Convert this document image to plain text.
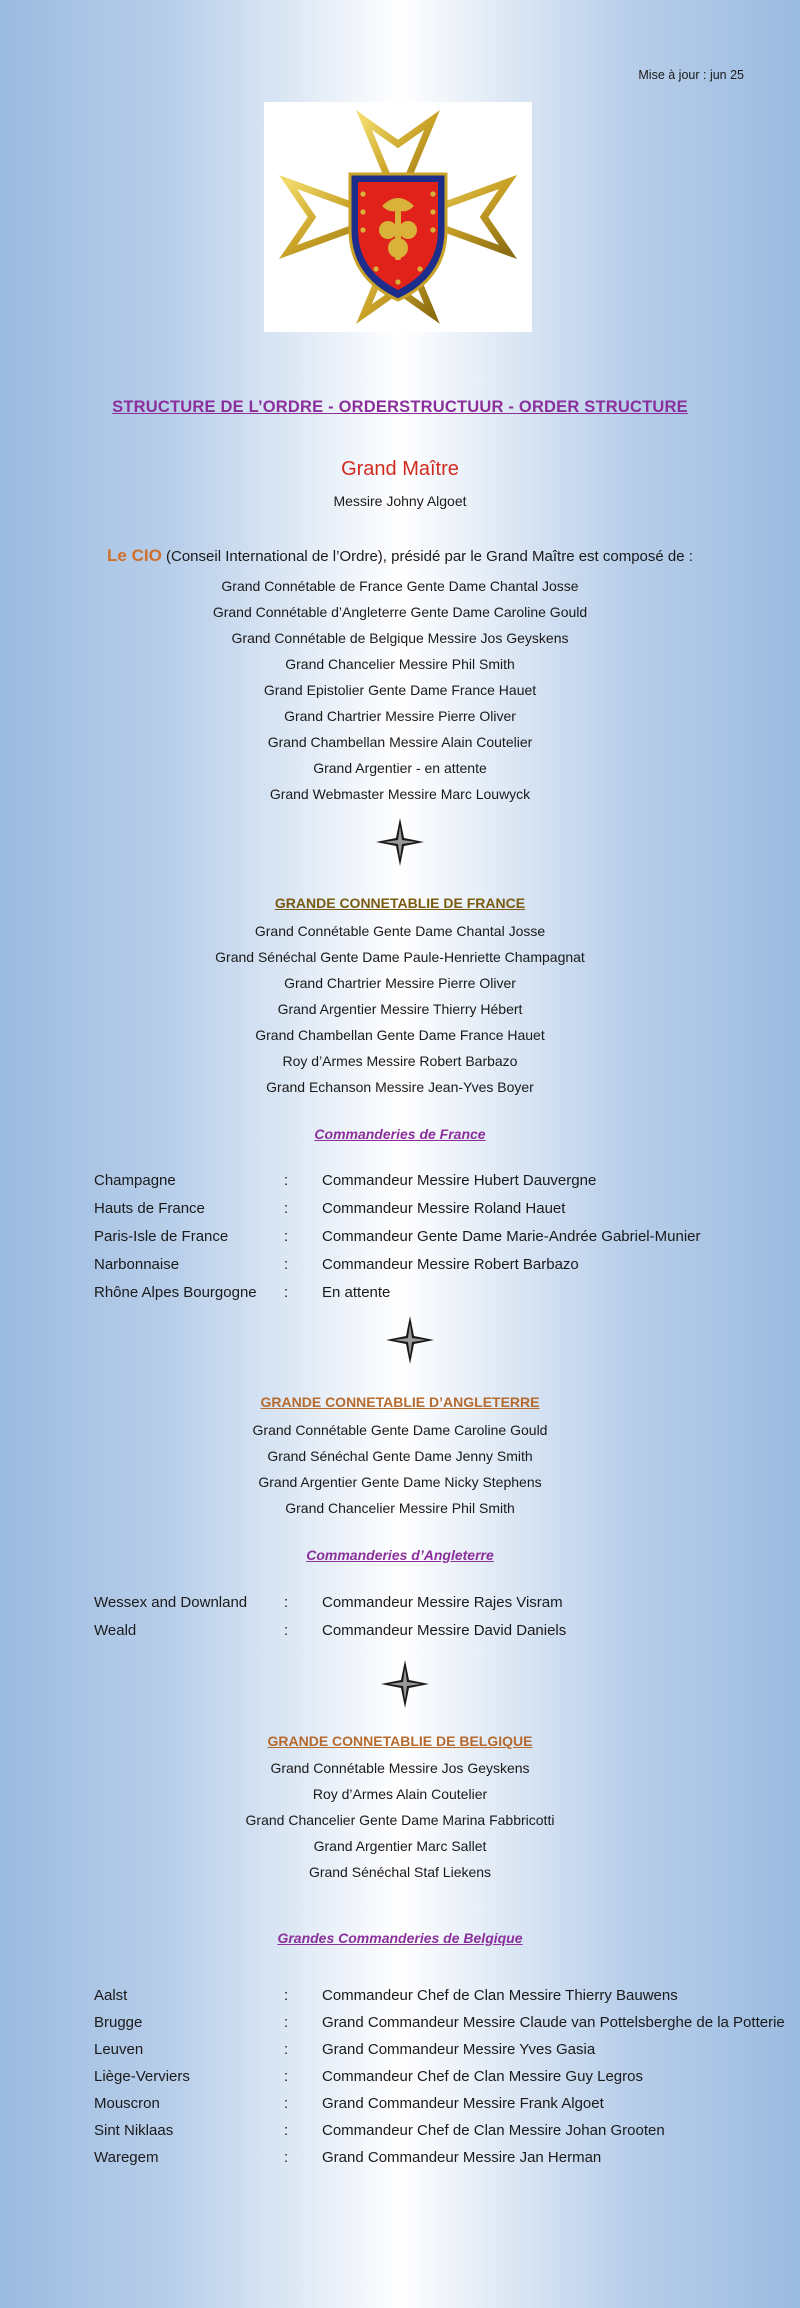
Mise à jour : jun 25
STRUCTURE DE L’ORDRE - ORDERSTRUCTUUR - ORDER STRUCTURE
Grand Maître
Messire Johny Algoet
Le CIO (Conseil International de l’Ordre), présidé par le Grand Maître est composé de :
Grand Connétable de France Gente Dame Chantal Josse
Grand Connétable d’Angleterre Gente Dame Caroline Gould
Grand Connétable de Belgique Messire Jos Geyskens
Grand Chancelier Messire Phil Smith
Grand Epistolier Gente Dame France Hauet
Grand Chartrier Messire Pierre Oliver
Grand Chambellan Messire Alain Coutelier
Grand Argentier - en attente
Grand Webmaster Messire Marc Louwyck
GRANDE CONNETABLIE DE FRANCE
Grand Connétable Gente Dame Chantal Josse
Grand Sénéchal Gente Dame Paule-Henriette Champagnat
Grand Chartrier Messire Pierre Oliver
Grand Argentier Messire Thierry Hébert
Grand Chambellan Gente Dame France Hauet
Roy d’Armes Messire Robert Barbazo
Grand Echanson Messire Jean-Yves Boyer
Commanderies de France
Champagne	: Commandeur Messire Hubert Dauvergne
Hauts de France	: Commandeur Messire Roland Hauet
Paris-Isle de France	: Commandeur Gente Dame Marie-Andrée Gabriel-Munier
Narbonnaise	: Commandeur Messire Robert Barbazo
Rhône Alpes Bourgogne : En attente
GRANDE CONNETABLIE D’ANGLETERRE
Grand Connétable Gente Dame Caroline Gould
Grand Sénéchal Gente Dame Jenny Smith
Grand Argentier Gente Dame Nicky Stephens
Grand Chancelier Messire Phil Smith
Commanderies d’Angleterre
Wessex and Downland : Commandeur Messire Rajes Visram
Weald	: Commandeur Messire David Daniels
GRANDE CONNETABLIE DE BELGIQUE
Grand Connétable Messire Jos Geyskens
Roy d’Armes Alain Coutelier
Grand Chancelier Gente Dame Marina Fabbricotti
Grand Argentier Marc Sallet
Grand Sénéchal Staf Liekens
Grandes Commanderies de Belgique
Aalst	: Commandeur Chef de Clan Messire Thierry Bauwens
Brugge	: Grand Commandeur Messire Claude van Pottelsberghe de la Potterie
Leuven	: Grand Commandeur Messire Yves Gasia
Liège-Verviers	: Commandeur Chef de Clan Messire Guy Legros
Mouscron	: Grand Commandeur Messire Frank Algoet
Sint Niklaas	: Commandeur Chef de Clan Messire Johan Grooten
Waregem	: Grand Commandeur Messire Jan Herman
